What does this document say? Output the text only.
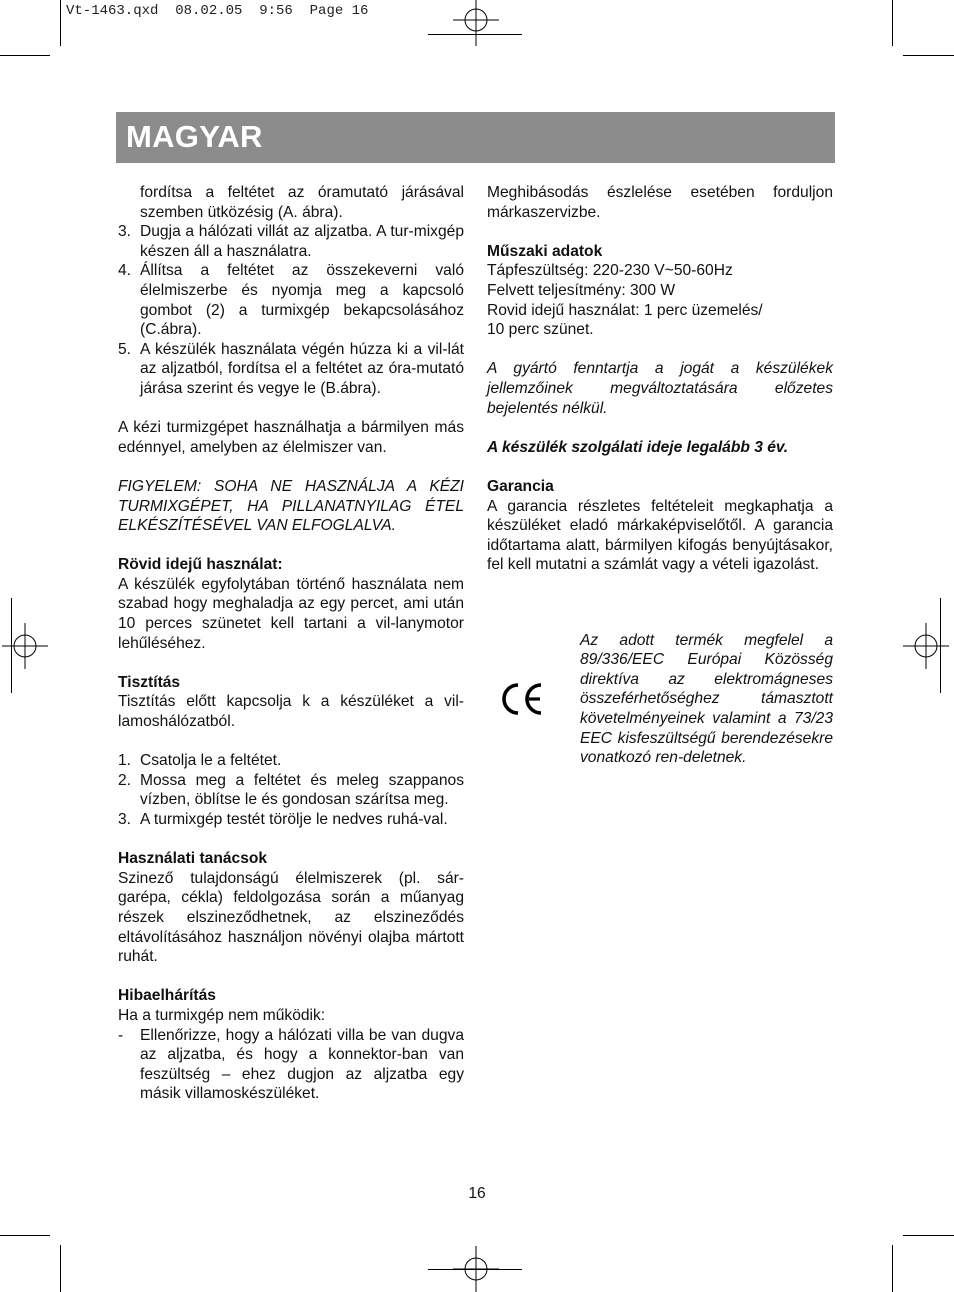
Vt-1463.qxd  08.02.05  9:56  Page 16
MAGYAR

fordítsa a feltétet az óramutató járásával szemben ütközésig (A. ábra).

3. Dugja a hálózati villát az aljzatba. A tur-mixgép készen áll a használatra.
4. Állítsa a feltétet az összekeverni való élelmiszerbe és nyomja meg a kapcsoló gombot (2) a turmixgép bekapcsolásához (C.ábra).
5. A készülék használata végén húzza ki a vil-lát az aljzatból, fordítsa el a feltétet az óra-mutató járása szerint és vegye le (B.ábra).

A kézi turmizgépet használhatja a bármilyen más edénnyel, amelyben az élelmiszer van.

FIGYELEM: SOHA NE HASZNÁLJA A KÉZI TURMIXGÉPET, HA PILLANATNYILAG ÉTEL ELKÉSZÍTÉSÉVEL VAN ELFOGLALVA.

Rövid idejű használat:

A készülék egyfolytában történő használata nem szabad hogy meghaladja az egy percet, ami után 10 perces szünetet kell tartani a vil-lanymotor lehűléséhez.

Tisztítás

Tisztítás előtt kapcsolja k a készüléket a vil-lamoshálózatból.

1. Csatolja le a feltétet.
2. Mossa meg a feltétet és meleg szappanos vízben, öblítse le és gondosan szárítsa meg.
3. A turmixgép testét törölje le nedves ruhá-val.

Használati tanácsok

Szinező tulajdonságú élelmiszerek (pl. sár-garépa, cékla) feldolgozása során a műanyag részek elszineződhetnek, az elszineződés eltávolításához használjon növényi olajba mártott ruhát.

Hibaelhárítás

Ha a turmixgép nem működik:

-	Ellenőrizze, hogy a hálózati villa be van dugva az aljzatba, és hogy a konnektor-ban van feszültség – ehez dugjon az aljzatba egy másik villamoskészüléket.

Meghibásodás észlelése esetében forduljon márkaszervizbe.

Műszaki adatok

Tápfeszültség: 220-230 V~50-60Hz

Felvett teljesítmény: 300 W

Rovid idejű használat: 1 perc üzemelés/

10 perc szünet.

A gyártó fenntartja a jogát a készülékek jellemzőinek megváltoztatására előzetes bejelentés nélkül.

A készülék szolgálati ideje legalább 3 év.

Garancia

A garancia részletes feltételeit megkaphatja a készüléket eladó márkaképviselőtől. A garancia időtartama alatt, bármilyen kifogás benyújtásakor, fel kell mutatni a számlát vagy a vételi igazolást.

Az adott termék megfelel a 89/336/EEC Európai Közösség direktíva az elektromágneses összeférhetőséghez támasztott követelményeinek valamint a 73/23 EEC kisfeszültségű berendezésekre vonatkozó ren-deletnek.

16
